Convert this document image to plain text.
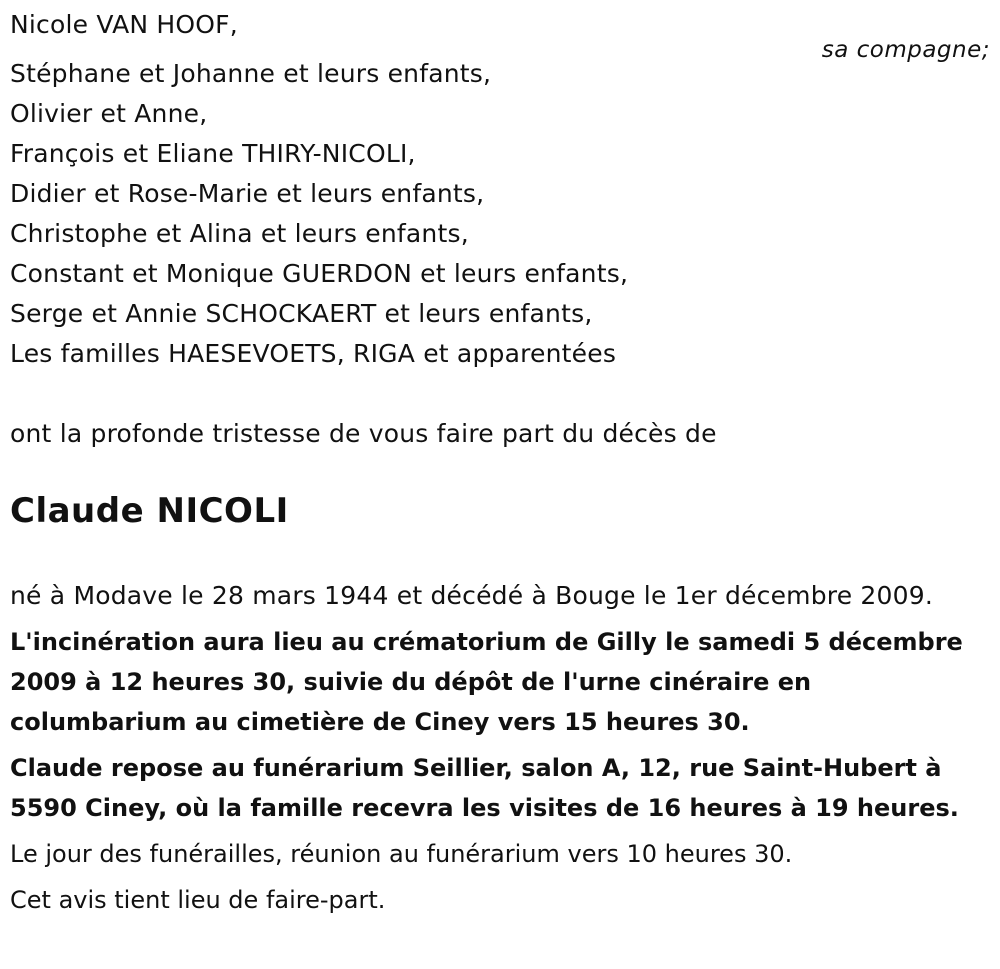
Nicole VAN HOOF,
Stéphane et Johanne et leurs enfants,
Olivier et Anne,
François et Eliane THIRY-NICOLI,
Didier et Rose-Marie et leurs enfants,
Christophe et Alina et leurs enfants,
Constant et Monique GUERDON et leurs enfants,
Serge et Annie SCHOCKAERT et leurs enfants,
Les familles HAESEVOETS, RIGA et apparentées
ont la profonde tristesse de vous faire part du décès de
Claude NICOLI
né à Modave le 28 mars 1944 et décédé à Bouge le 1er décembre 2009.
L'incinération aura lieu au crématorium de Gilly le samedi 5 décembre 2009 à 12 heures 30, suivie du dépôt de l'urne cinéraire en columbarium au cimetière de Ciney vers 15 heures 30.
Claude repose au funérarium Seillier, salon A, 12, rue Saint-Hubert à 5590 Ciney, où la famille recevra les visites de 16 heures à 19 heures.
Le jour des funérailles, réunion au funérarium vers 10 heures 30.
Cet avis tient lieu de faire-part.
sa compagne;
